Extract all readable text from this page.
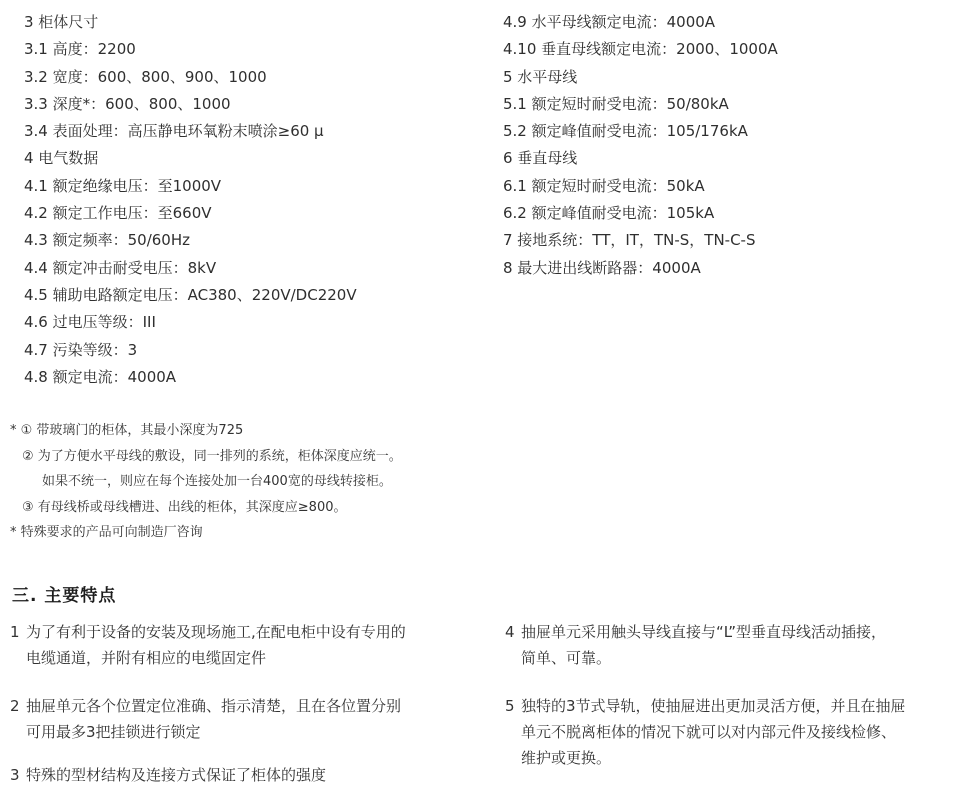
3 柜体尺寸
3.1 高度：2200
3.2 宽度：600、800、900、1000
3.3 深度*：600、800、1000
3.4 表面处理：高压静电环氧粉末喷涂≥60 μ
4 电气数据
4.1 额定绝缘电压：至1000V
4.2 额定工作电压：至660V
4.3 额定频率：50/60Hz
4.4 额定冲击耐受电压：8kV
4.5 辅助电路额定电压：AC380、220V/DC220V
4.6 过电压等级：III
4.7 污染等级：3
4.8 额定电流：4000A
4.9 水平母线额定电流：4000A
4.10 垂直母线额定电流：2000、1000A
5 水平母线
5.1 额定短时耐受电流：50/80kA
5.2 额定峰值耐受电流：105/176kA
6 垂直母线
6.1 额定短时耐受电流：50kA
6.2 额定峰值耐受电流：105kA
7 接地系统：TT，IT，TN-S，TN-C-S
8 最大进出线断路器：4000A
* ① 带玻璃门的柜体，其最小深度为725
② 为了方便水平母线的敷设，同一排列的系统，柜体深度应统一。
如果不统一，则应在每个连接处加一台400宽的母线转接柜。
③ 有母线桥或母线槽进、出线的柜体，其深度应≥800。
* 特殊要求的产品可向制造厂咨询
三. 主要特点
1 为了有利于设备的安装及现场施工,在配电柜中设有专用的
电缆通道，并附有相应的电缆固定件
2 抽屉单元各个位置定位准确、指示清楚，且在各位置分别
可用最多3把挂锁进行锁定
3 特殊的型材结构及连接方式保证了柜体的强度
4 抽屉单元采用触头导线直接与“L”型垂直母线活动插接，
简单、可靠。
5 独特的3节式导轨，使抽屉进出更加灵活方便，并且在抽屉
单元不脱离柜体的情况下就可以对内部元件及接线检修、
维护或更换。
